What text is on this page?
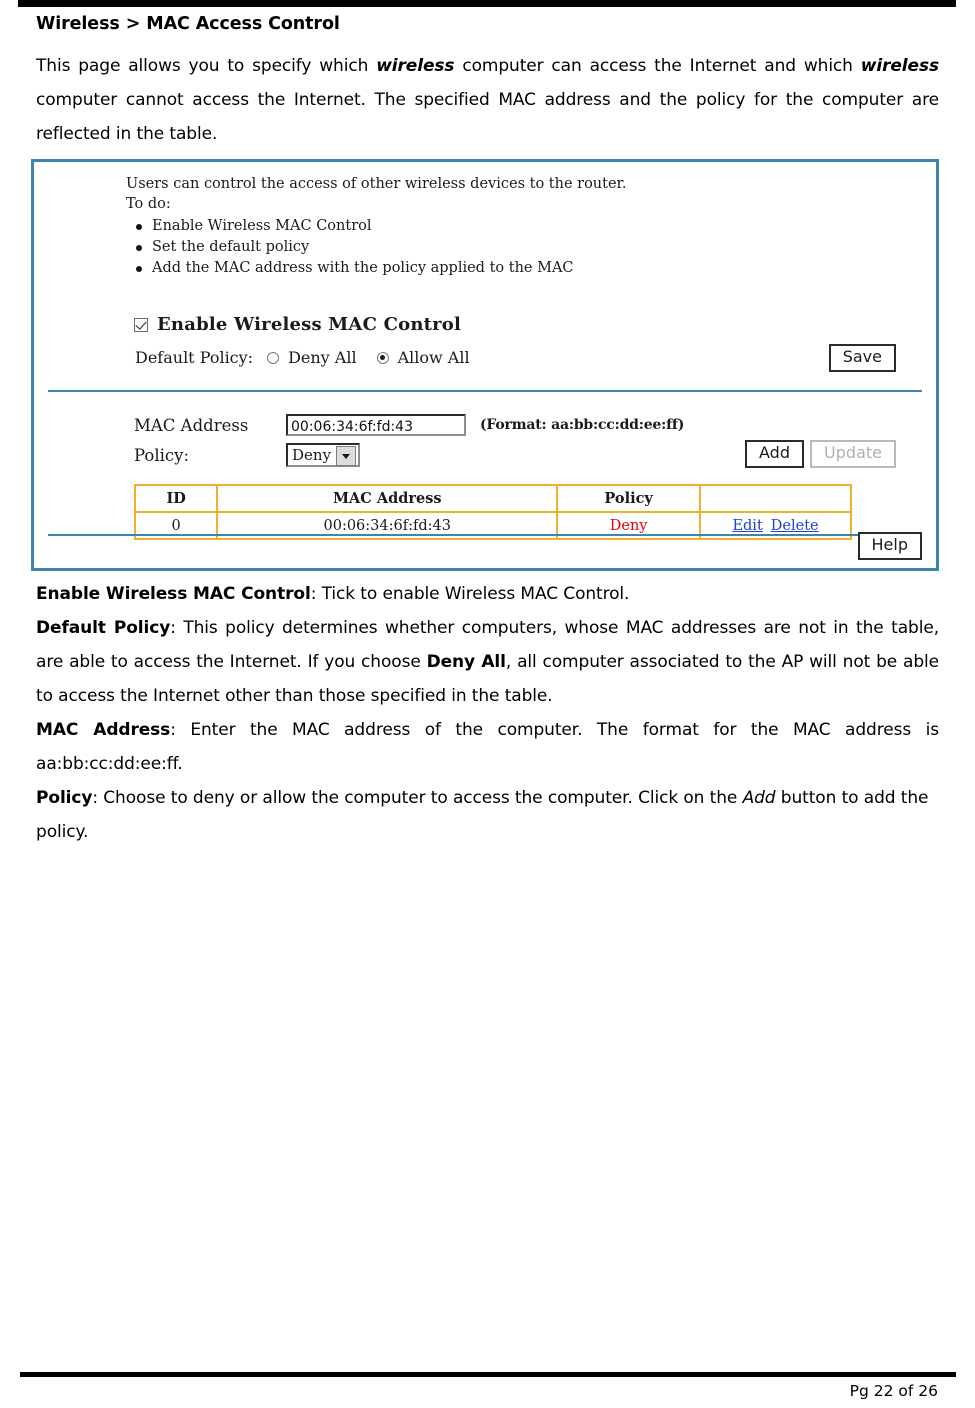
Wireless > MAC Access Control

This page allows you to specify which wireless computer can access the Internet and which wireless computer cannot access the Internet. The specified MAC address and the policy for the computer are reflected in the table.

Users can control the access of other wireless devices to the router.
To do:
Enable Wireless MAC Control
Set the default policy
Add the MAC address with the policy applied to the MAC
Enable Wireless MAC Control
Default Policy: Deny All	Allow All	Save
MAC Address	00:06:34:6f:fd:43	(Format: aa:bb:cc:dd:ee:ff)
Policy:	Deny	Add	Update
ID	MAC Address	Policy	
0	00:06:34:6f:fd:43	Deny	Edit Delete
Help

Enable Wireless MAC Control: Tick to enable Wireless MAC Control.

Default Policy: This policy determines whether computers, whose MAC addresses are not in the table, are able to access the Internet. If you choose Deny All, all computer associated to the AP will not be able to access the Internet other than those specified in the table.

MAC Address: Enter the MAC address of the computer. The format for the MAC address is aa:bb:cc:dd:ee:ff.

Policy: Choose to deny or allow the computer to access the computer. Click on the Add button to add the policy.

Pg 22 of 26
